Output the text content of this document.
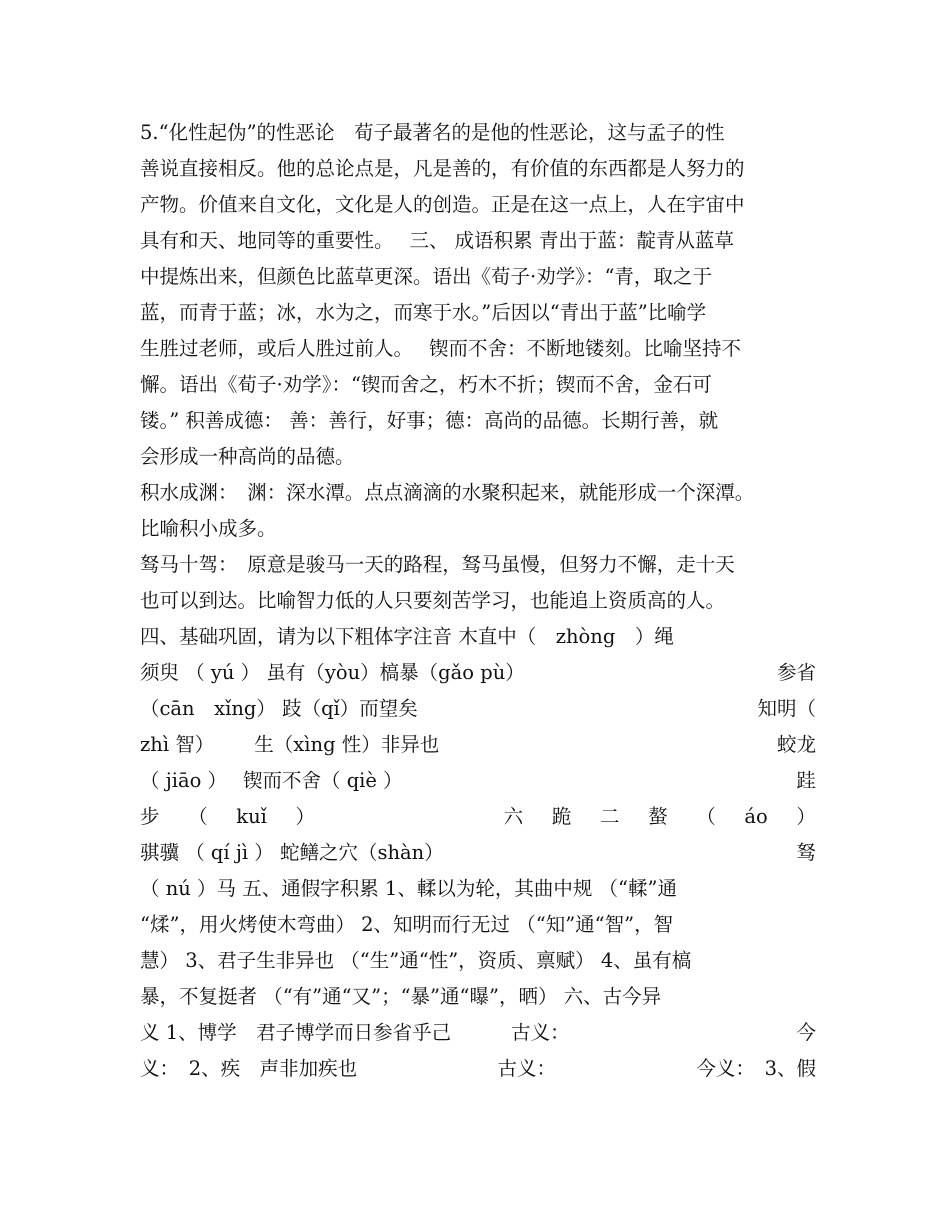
5.“化性起伪”的性恶论　荀子最著名的是他的性恶论，这与孟子的性
善说直接相反。他的总论点是，凡是善的，有价值的东西都是人努力的
产物。价值来自文化，文化是人的创造。正是在这一点上，人在宇宙中
具有和天、地同等的重要性。　 三、 成语积累 青出于蓝：靛青从蓝草
中提炼出来，但颜色比蓝草更深。语出《荀子·劝学》：“青，取之于
蓝，而青于蓝；冰，水为之，而寒于水。”后因以“青出于蓝”比喻学
生胜过老师，或后人胜过前人。　 锲而不舍：不断地镂刻。比喻坚持不
懈。语出《荀子·劝学》：“锲而舍之，朽木不折；锲而不舍，金石可
镂。” 积善成德： 善：善行，好事；德：高尚的品德。长期行善，就
会形成一种高尚的品德。
积水成渊：　渊：深水潭。点点滴滴的水聚积起来，就能形成一个深潭。
比喻积小成多。
驽马十驾：　原意是骏马一天的路程，驽马虽慢，但努力不懈，走十天
也可以到达。比喻智力低的人只要刻苦学习，也能追上资质高的人。
四、基础巩固，请为以下粗体字注音 木直中（　zhòng　）绳
须臾 （ yú ） 虽有（yòu）槁暴（gǎo pù）	参省
（cān　xǐng） 跂（qǐ）而望矣	知明（
zhì 智） 生（xìng 性）非异也	蛟龙
（ jiāo ）　 锲而不舍（ qiè ）	跬
步 （ kuǐ ）	六 跪 二 螯 （ áo ）
骐骥 （ qí jì ） 蛇鳝之穴（shàn）	驽
（ nú ）马 五、通假字积累 1、輮以为轮，其曲中规 （“輮”通
“煣”，用火烤使木弯曲） 2、知明而行无过 （“知”通“智”，智
慧） 3、君子生非异也 （“生”通“性”，资质、禀赋） 4、虽有槁
暴，不复挺者 （“有”通“又”；“暴”通“曝”，晒） 六、古今异
义 1、博学　君子博学而日参省乎己	古义：	今
义：　2、疾　声非加疾也	古义：	今义：　3、假
